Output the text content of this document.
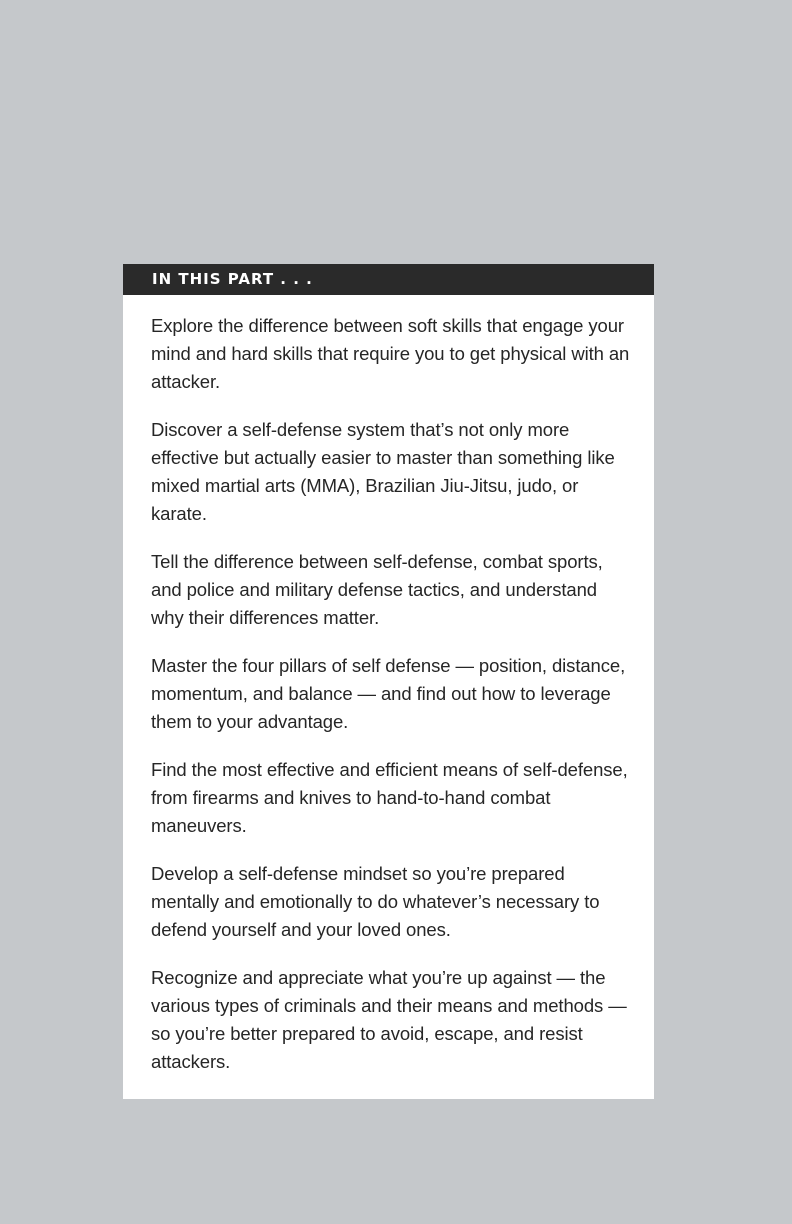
IN THIS PART . . .

Explore the difference between soft skills that engage your mind and hard skills that require you to get physical with an attacker.

Discover a self-defense system that’s not only more effective but actually easier to master than something like mixed martial arts (MMA), Brazilian Jiu-Jitsu, judo, or karate.

Tell the difference between self-defense, combat sports, and police and military defense tactics, and understand why their differences matter.

Master the four pillars of self defense — position, distance, momentum, and balance — and find out how to leverage them to your advantage.

Find the most effective and efficient means of self-defense, from firearms and knives to hand-to-hand combat maneuvers.

Develop a self-defense mindset so you’re prepared mentally and emotionally to do whatever’s necessary to defend yourself and your loved ones.

Recognize and appreciate what you’re up against — the various types of criminals and their means and methods — so you’re better prepared to avoid, escape, and resist attackers.
